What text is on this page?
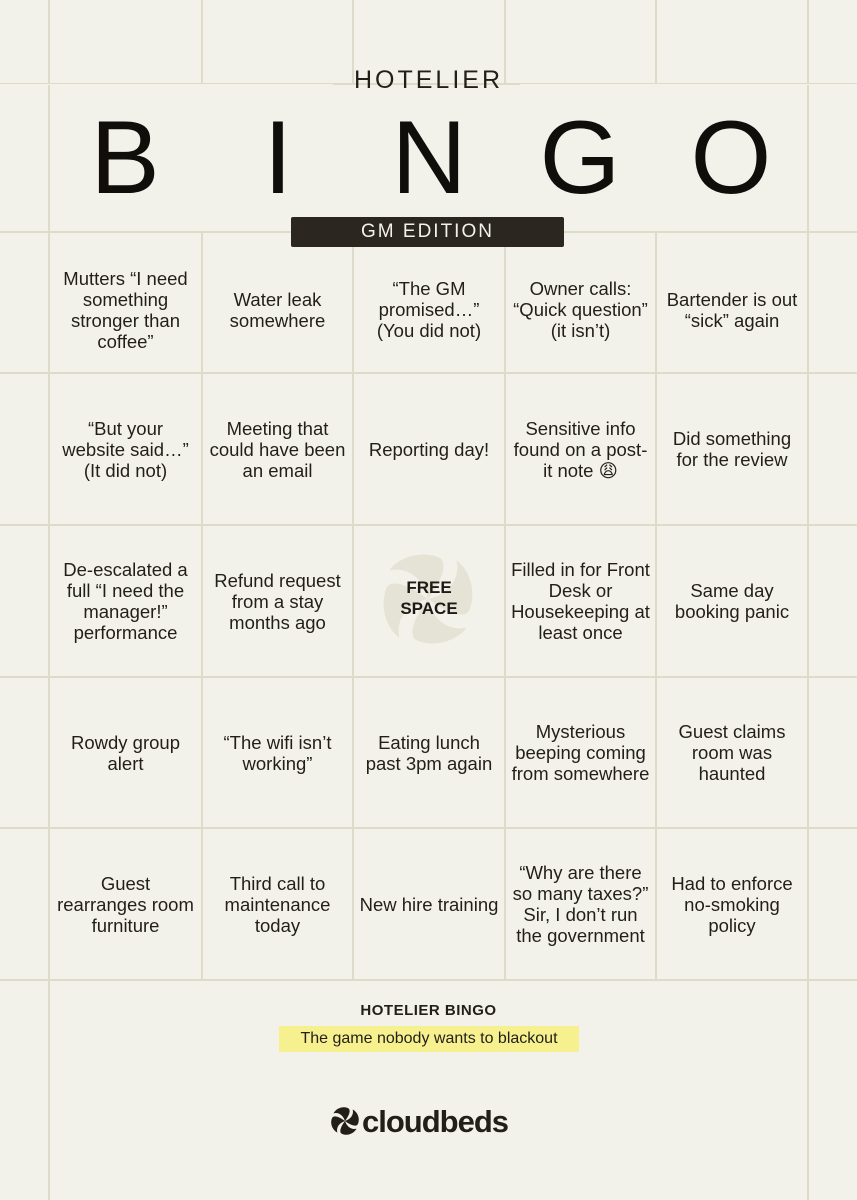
HOTELIER
B I N G O
GM EDITION
Mutters “I need something stronger than coffee”
Water leak somewhere
“The GM promised…” (You did not)
Owner calls: “Quick question” (it isn’t)
Bartender is out “sick” again
“But your website said…” (It did not)
Meeting that could have been an email
Reporting day!
Sensitive info found on a post-it note 😩
Did something for the review
De-escalated a full “I need the manager!” performance
Refund request from a stay months ago
FREE
SPACE
Filled in for Front Desk or Housekeeping at least once
Same day booking panic
Rowdy group alert
“The wifi isn’t working”
Eating lunch past 3pm again
Mysterious beeping coming from somewhere
Guest claims room was haunted
Guest rearranges room furniture
Third call to maintenance today
New hire training
“Why are there so many taxes?” Sir, I don’t run the government
Had to enforce no-smoking policy
HOTELIER BINGO
The game nobody wants to blackout
cloudbeds
